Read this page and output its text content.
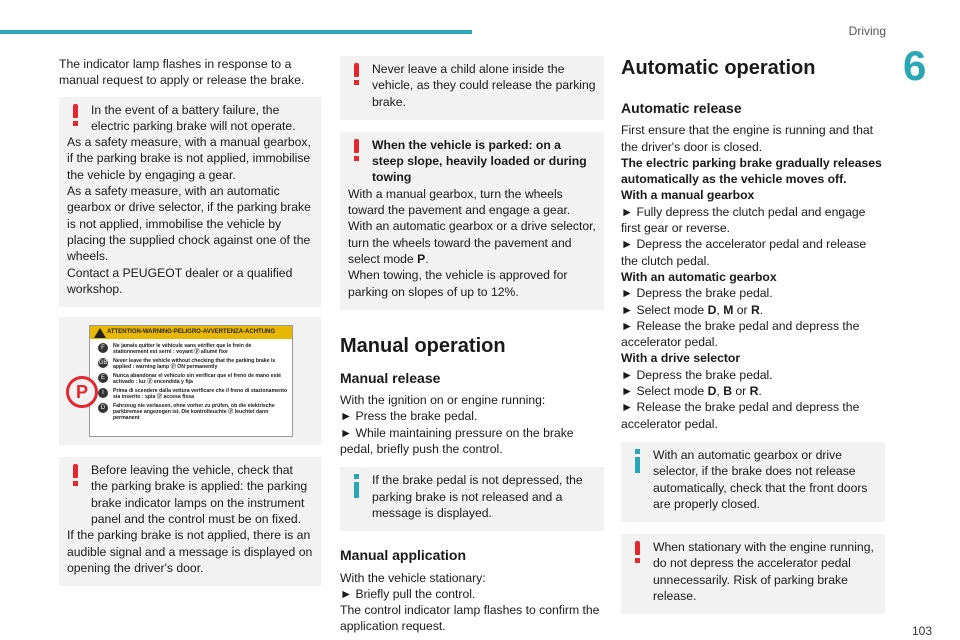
Driving
6
103

The indicator lamp flashes in response to a manual request to apply or release the brake.

In the event of a battery failure, the electric parking brake will not operate.

As a safety measure, with a manual gearbox, if the parking brake is not applied, immobilise the vehicle by engaging a gear.

As a safety measure, with an automatic gearbox or drive selector, if the parking brake is not applied, immobilise the vehicle by placing the supplied chock against one of the wheels.

Contact a PEUGEOT dealer or a qualified workshop.

ATTENTION-WARNING-PELIGRO-AVVERTENZA-ACHTUNG
P
F	Ne jamais quitter le véhicule sans vérifier que le frein de stationnement est serré : voyant ⓟ allumé fixe
GB Never leave the vehicle without checking that the parking brake is applied : warning lamp ⓟ ON permanently
E	Nunca abandonar el vehículo sin verificar que el freno de mano esté activado : luz ⓟ encendida y fija
I	Prima di scendere dalla vettura verificare che il freno di stazionamento sia inserito : spia ⓟ accesa fissa
D	Fahrzeug nie verlassen, ohne vorher zu prüfen, ob die elektrische parkbremse angezogen ist. Die kontrolleuchte ⓟ leuchtet dann permanent

Before leaving the vehicle, check that the parking brake is applied: the parking brake indicator lamps on the instrument panel and the control must be on fixed.

If the parking brake is not applied, there is an audible signal and a message is displayed on opening the driver's door.

Never leave a child alone inside the vehicle, as they could release the parking brake.

When the vehicle is parked: on a steep slope, heavily loaded or during towing

With a manual gearbox, turn the wheels toward the pavement and engage a gear.

With an automatic gearbox or a drive selector, turn the wheels toward the pavement and select mode P.

When towing, the vehicle is approved for parking on slopes of up to 12%.

Manual operation
Manual release

With the ignition on or engine running:

► Press the brake pedal.

► While maintaining pressure on the brake pedal, briefly push the control.

If the brake pedal is not depressed, the parking brake is not released and a message is displayed.

Manual application

With the vehicle stationary:

► Briefly pull the control.

The control indicator lamp flashes to confirm the application request.

Automatic operation
Automatic release

First ensure that the engine is running and that the driver's door is closed.

The electric parking brake gradually releases automatically as the vehicle moves off.

With a manual gearbox

► Fully depress the clutch pedal and engage first gear or reverse.

► Depress the accelerator pedal and release the clutch pedal.

With an automatic gearbox

► Depress the brake pedal.

► Select mode D, M or R.

► Release the brake pedal and depress the accelerator pedal.

With a drive selector

► Depress the brake pedal.

► Select mode D, B or R.

► Release the brake pedal and depress the accelerator pedal.

With an automatic gearbox or drive selector, if the brake does not release automatically, check that the front doors are properly closed.

When stationary with the engine running, do not depress the accelerator pedal unnecessarily. Risk of parking brake release.
